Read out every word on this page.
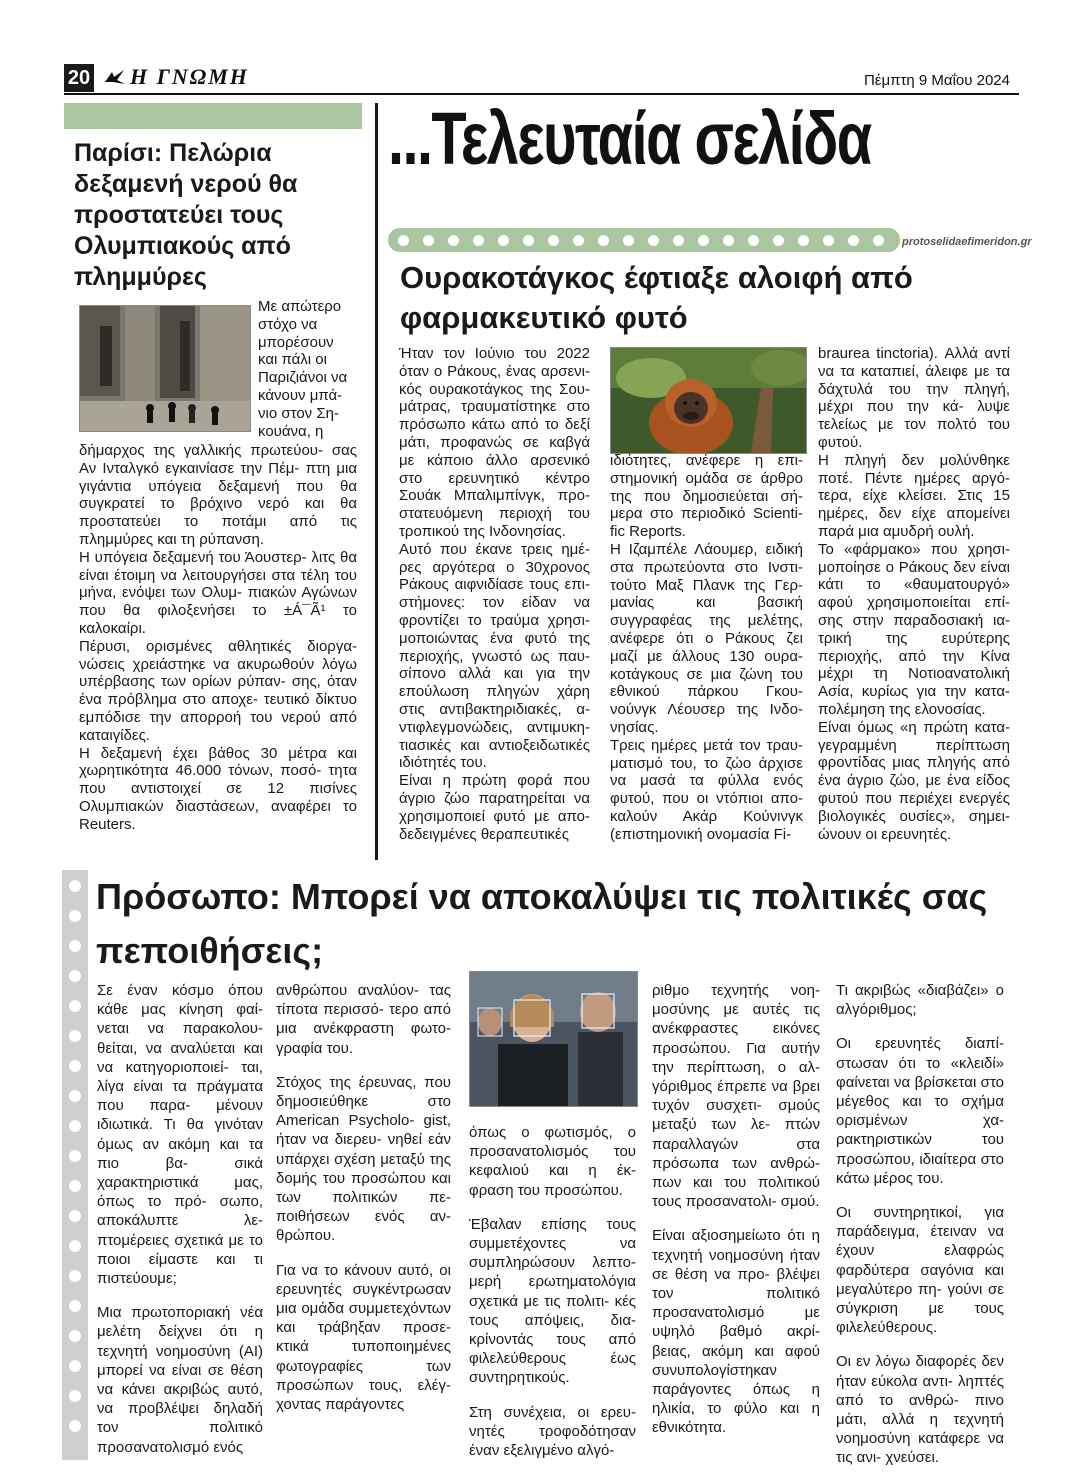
20	Η ΓΝΩΜΗ	Πέμπτη 9 Μαΐου 2024
...Τελευταία σελίδα
protoselidaefimeridon.gr
Παρίσι: Πελώρια δεξαμενή νερού θα προστατεύει τους Ολυμπιακούς από πλημμύρες
Με απώτερο
στόχο να
μπορέσουν
και πάλι οι
Παριζιάνοι να
κάνουν μπά-
νιο στον Ση-
κουάνα, η

δήμαρχος της γαλλικής πρωτεύου- σας Αν Ινταλγκό εγκαινίασε την Πέμ- πτη μια γιγάντια υπόγεια δεξαμενή που θα συγκρατεί το βρόχινο νερό και θα προστατεύει το ποτάμι από τις πλημμύρες και τη ρύπανση.

Η υπόγεια δεξαμενή του Άουστερ- λιτς θα είναι έτοιμη να λειτουργήσει στα τέλη του μήνα, ενόψει των Ολυμ- πιακών Αγώνων που θα φιλοξενήσει το ±Á¯Ã¹ το καλοκαίρι.

Πέρυσι, ορισμένες αθλητικές διοργα- νώσεις χρειάστηκε να ακυρωθούν λόγω υπέρβασης των ορίων ρύπαν- σης, όταν ένα πρόβλημα στο αποχε- τευτικό δίκτυο εμπόδισε την απορροή του νερού από καταιγίδες.

Η δεξαμενή έχει βάθος 30 μέτρα και χωρητικότητα 46.000 τόνων, ποσό- τητα που αντιστοιχεί σε 12 πισίνες Ολυμπιακών διαστάσεων, αναφέρει το Reuters.

Ουρακοτάγκος έφτιαξε αλοιφή από φαρμακευτικό φυτό

Ήταν τον Ιούνιο του 2022 όταν ο Ράκους, ένας αρσενι- κός ουρακοτάγκος της Σου- μάτρας, τραυματίστηκε στο πρόσωπο κάτω από το δεξί μάτι, προφανώς σε καβγά με κάποιο άλλο αρσενικό στο ερευνητικό κέντρο Σουάκ Μπαλιμπίνγκ, προ- στατευόμενη περιοχή του τροπικού της Ινδονησίας.

Αυτό που έκανε τρεις ημέ- ρες αργότερα ο 30χρονος Ράκους αιφνιδίασε τους επι- στήμονες: τον είδαν να φροντίζει το τραύμα χρησι- μοποιώντας ένα φυτό της περιοχής, γνωστό ως παυ- σίπονο αλλά και για την επούλωση πληγών χάρη στις αντιβακτηριδιακές, α- ντιφλεγμονώδεις, αντιμυκη- τιασικές και αντιοξειδωτικές ιδιότητές του.

Είναι η πρώτη φορά που άγριο ζώο παρατηρείται να χρησιμοποιεί φυτό με απο- δεδειγμένες θεραπευτικές

ιδιότητες, ανέφερε η επι- στημονική ομάδα σε άρθρο της που δημοσιεύεται σή- μερα στο περιοδικό Scienti- fic Reports.

Η Ιζαμπέλε Λάουμερ, ειδική στα πρωτεύοντα στο Ινστι- τούτο Μαξ Πλανκ της Γερ- μανίας και βασική συγγραφέας της μελέτης, ανέφερε ότι ο Ράκους ζει μαζί με άλλους 130 ουρα- κοτάγκους σε μια ζώνη του εθνικού πάρκου Γκου- νούνγκ Λέουσερ της Ινδο- νησίας.

Τρεις ημέρες μετά τον τραυ- ματισμό του, το ζώο άρχισε να μασά τα φύλλα ενός φυτού, που οι ντόπιοι απο- καλούν Ακάρ Κούνινγκ (επιστημονική ονομασία Fi-

braurea tinctoria). Αλλά αντί να τα καταπιεί, άλειφε με τα δάχτυλά του την πληγή, μέχρι που την κά- λυψε τελείως με τον πολτό του φυτού.

Η πληγή δεν μολύνθηκε ποτέ. Πέντε ημέρες αργό- τερα, είχε κλείσει. Στις 15 ημέρες, δεν είχε απομείνει παρά μια αμυδρή ουλή.

Το «φάρμακο» που χρησι- μοποίησε ο Ράκους δεν είναι κάτι το «θαυματουργό» αφού χρησιμοποιείται επί- σης στην παραδοσιακή ια- τρική της ευρύτερης περιοχής, από την Κίνα μέχρι τη Νοτιοανατολική Ασία, κυρίως για την κατα- πολέμηση της ελονοσίας.

Είναι όμως «η πρώτη κατα- γεγραμμένη περίπτωση φροντίδας μιας πληγής από ένα άγριο ζώο, με ένα είδος φυτού που περιέχει ενεργές βιολογικές ουσίες», σημει- ώνουν οι ερευνητές.

Πρόσωπο: Μπορεί να αποκαλύψει τις πολιτικές σας πεποιθήσεις;

Σε έναν κόσμο όπου κάθε μας κίνηση φαί- νεται να παρακολου- θείται, να αναλύεται και να κατηγοριοποιεί- ται, λίγα είναι τα πράγματα που παρα- μένουν ιδιωτικά. Τι θα γινόταν όμως αν ακόμη και τα πιο βα- σικά χαρακτηριστικά μας, όπως το πρό- σωπο, αποκάλυπτε λε- πτομέρειες σχετικά με το ποιοι είμαστε και τι πιστεύουμε;

Μια πρωτοποριακή νέα μελέτη δείχνει ότι η τεχνητή νοημοσύνη (AI) μπορεί να είναι σε θέση να κάνει ακριβώς αυτό, να προβλέψει δηλαδή τον πολιτικό προσανατολισμό ενός

ανθρώπου αναλύον- τας τίποτα περισσό- τερο από μια ανέκφραστη φωτο- γραφία του.

Στόχος της έρευνας, που δημοσιεύθηκε στο American Psycholo- gist, ήταν να διερευ- νηθεί εάν υπάρχει σχέση μεταξύ της δομής του προσώπου και των πολιτικών πε- ποιθήσεων ενός αν- θρώπου.

Για να το κάνουν αυτό, οι ερευνητές συγκέντρωσαν μια ομάδα συμμετεχόντων και τράβηξαν προσε- κτικά τυποποιημένες φωτογραφίες των προσώπων τους, ελέγ- χοντας παράγοντες

όπως ο φωτισμός, ο προσανατολισμός του κεφαλιού και η έκ- φραση του προσώπου.

Έβαλαν επίσης τους συμμετέχοντες να συμπληρώσουν λεπτο- μερή ερωτηματολόγια σχετικά με τις πολιτι- κές τους απόψεις, δια- κρίνοντάς τους από φιλελεύθερους έως συντηρητικούς.

Στη συνέχεια, οι ερευ- νητές τροφοδότησαν έναν εξελιγμένο αλγό-

ριθμο τεχνητής νοη- μοσύνης με αυτές τις ανέκφραστες εικόνες προσώπου. Για αυτήν την περίπτωση, ο αλ- γόριθμος έπρεπε να βρει τυχόν συσχετι- σμούς μεταξύ των λε- πτών παραλλαγών στα πρόσωπα των ανθρώ- πων και του πολιτικού τους προσανατολι- σμού.

Είναι αξιοσημείωτο ότι η τεχνητή νοημοσύνη ήταν σε θέση να προ- βλέψει τον πολιτικό προσανατολισμό με υψηλό βαθμό ακρί- βειας, ακόμη και αφού συνυπολογίστηκαν παράγοντες όπως η ηλικία, το φύλο και η εθνικότητα.

Τι ακριβώς «διαβάζει» ο αλγόριθμος;

Οι ερευνητές διαπί- στωσαν ότι το «κλειδί» φαίνεται να βρίσκεται στο μέγεθος και το σχήμα ορισμένων χα- ρακτηριστικών του προσώπου, ιδιαίτερα στο κάτω μέρος του.

Οι συντηρητικοί, για παράδειγμα, έτειναν να έχουν ελαφρώς φαρδύτερα σαγόνια και μεγαλύτερο πη- γούνι σε σύγκριση με τους φιλελεύθερους.

Οι εν λόγω διαφορές δεν ήταν εύκολα αντι- ληπτές από το ανθρώ- πινο μάτι, αλλά η τεχνητή νοημοσύνη κατάφερε να τις ανι- χνεύσει.
